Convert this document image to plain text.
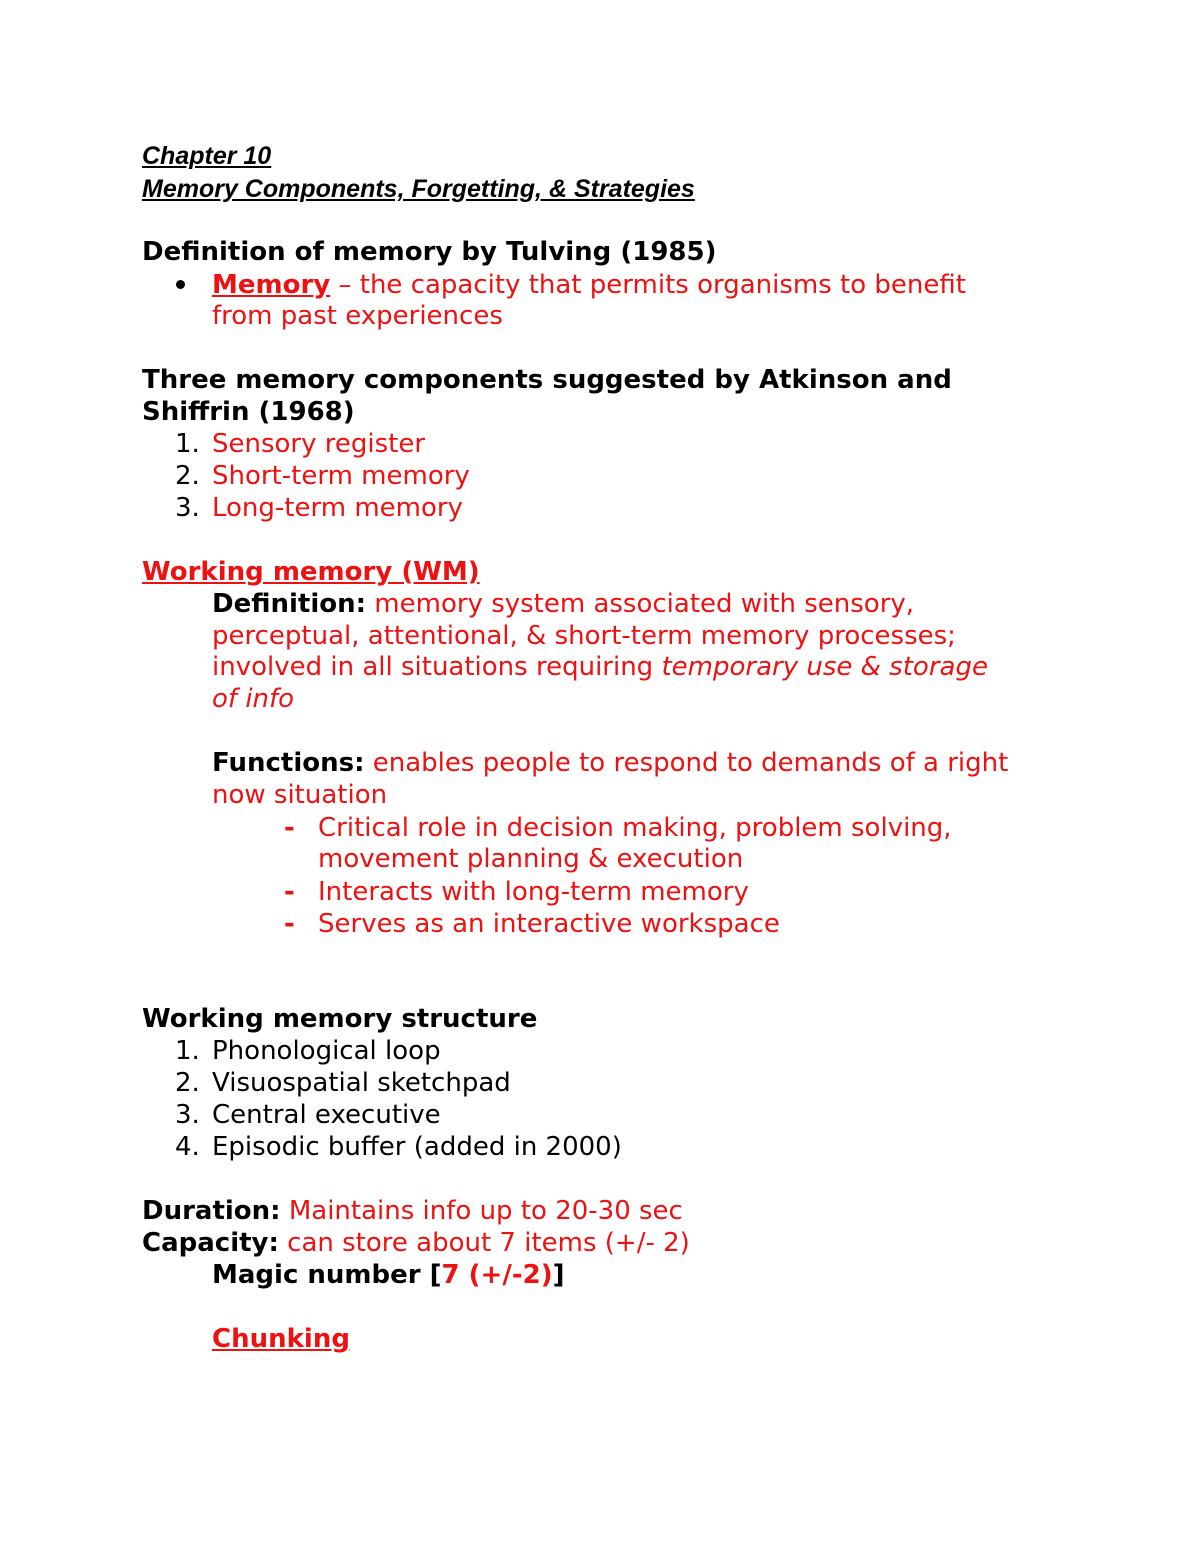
Chapter 10
Memory Components, Forgetting, & Strategies
Definition of memory by Tulving (1985)
Memory – the capacity that permits organisms to benefit
from past experiences
Three memory components suggested by Atkinson and
Shiffrin (1968)
1. Sensory register
2. Short-term memory
3. Long-term memory
Working memory (WM)
Definition: memory system associated with sensory,
perceptual, attentional, & short-term memory processes;
involved in all situations requiring temporary use & storage
of info
Functions: enables people to respond to demands of a right
now situation
- Critical role in decision making, problem solving,
movement planning & execution
- Interacts with long-term memory
- Serves as an interactive workspace
Working memory structure
1. Phonological loop
2. Visuospatial sketchpad
3. Central executive
4. Episodic buffer (added in 2000)
Duration: Maintains info up to 20-30 sec
Capacity: can store about 7 items (+/- 2)
Magic number [7 (+/-2)]
Chunking
